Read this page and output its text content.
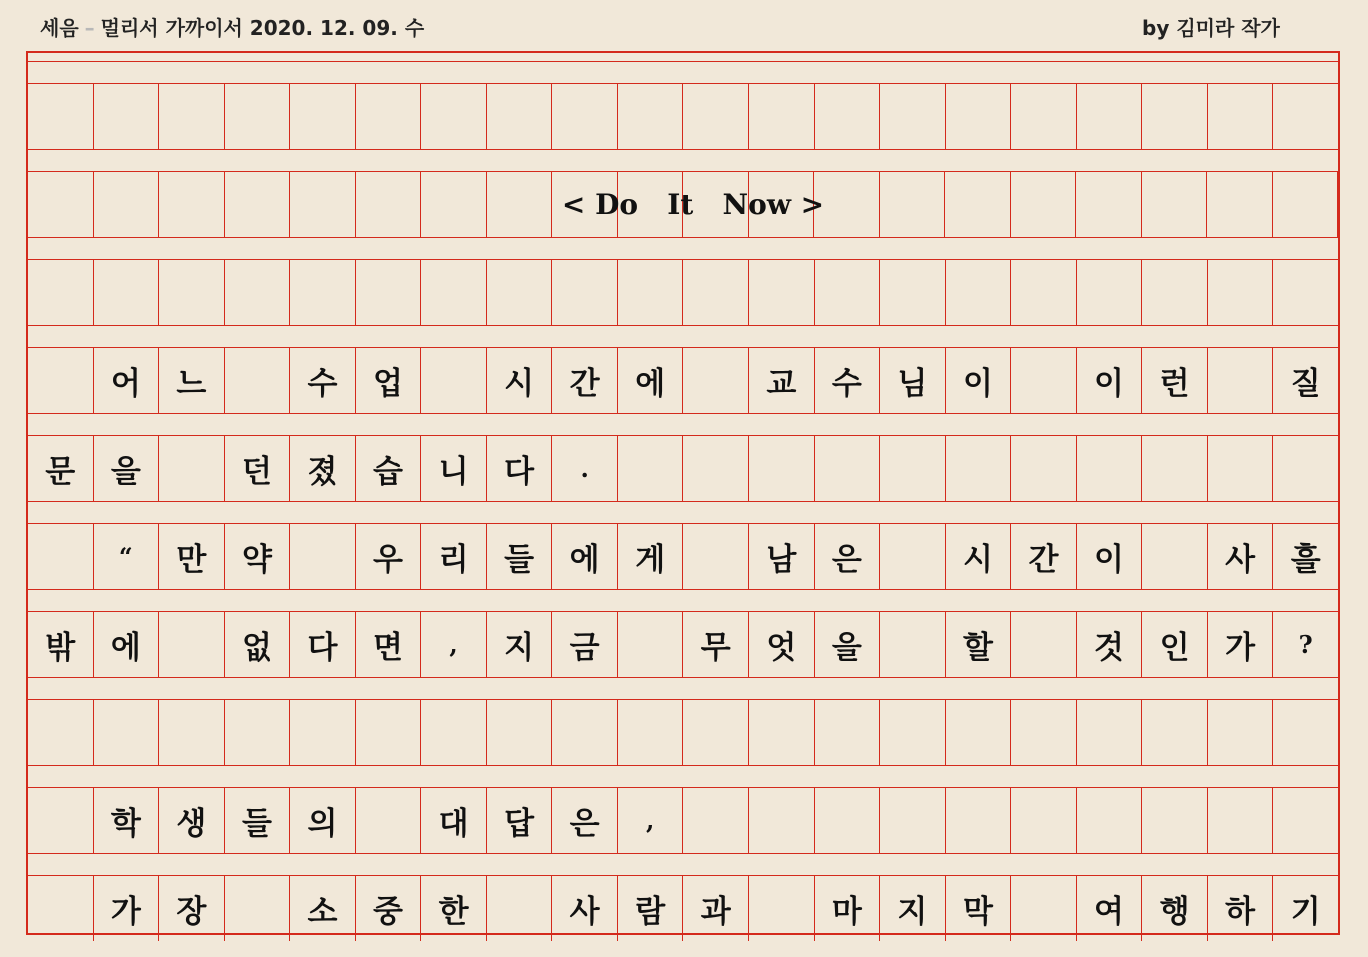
세음 – 멀리서 가까이서 2020. 12. 09. 수	by 김미라 작가
< Do   It   Now >
어	느	수	업	시	간	에	교	수	님	이	이	런	질
문	을	던	졌	습	니	다	.
“	만	약	우	리	들	에	게	남	은	시	간	이	사	흘
밖	에	없	다	면	,	지	금	무	엇	을	할	것	인	가	?
학	생	들	의	대	답	은	,
가	장	소	중	한	사	람	과	마	지	막	여	행	하	기
